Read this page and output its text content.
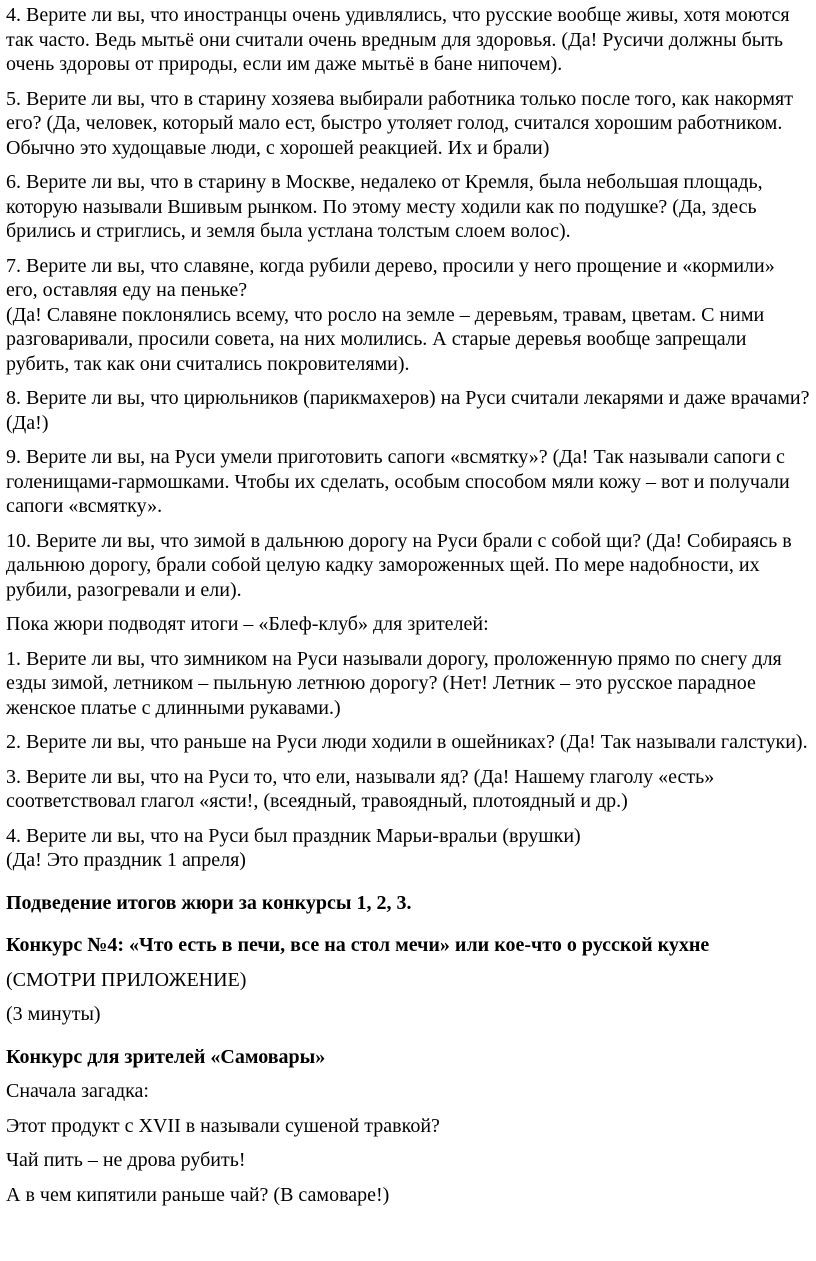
4. Верите ли вы, что иностранцы очень удивлялись, что русские вообще живы, хотя моются так часто. Ведь мытьё они считали очень вредным для здоровья. (Да! Русичи должны быть очень здоровы от природы, если им даже мытьё в бане нипочем).

5. Верите ли вы, что в старину хозяева выбирали работника только после того, как накормят его? (Да, человек, который мало ест, быстро утоляет голод, считался хорошим работником. Обычно это худощавые люди, с хорошей реакцией. Их и брали)

6. Верите ли вы, что в старину в Москве, недалеко от Кремля, была небольшая площадь, которую называли Вшивым рынком. По этому месту ходили как по подушке? (Да, здесь брились и стриглись, и земля была устлана толстым слоем волос).

7. Верите ли вы, что славяне, когда рубили дерево, просили у него прощение и «кормили» его, оставляя еду на пеньке?
(Да! Славяне поклонялись всему, что росло на земле – деревьям, травам, цветам. С ними разговаривали, просили совета, на них молились. А старые деревья вообще запрещали рубить, так как они считались покровителями).

8. Верите ли вы, что цирюльников (парикмахеров) на Руси считали лекарями и даже врачами? (Да!)

9. Верите ли вы, на Руси умели приготовить сапоги «всмятку»? (Да! Так называли сапоги с голенищами-гармошками. Чтобы их сделать, особым способом мяли кожу – вот и получали сапоги «всмятку».

10. Верите ли вы, что зимой в дальнюю дорогу на Руси брали с собой щи? (Да! Собираясь в дальнюю дорогу, брали собой целую кадку замороженных щей. По мере надобности, их рубили, разогревали и ели).

Пока жюри подводят итоги – «Блеф-клуб» для зрителей:

1. Верите ли вы, что зимником на Руси называли дорогу, проложенную прямо по снегу для езды зимой, летником – пыльную летнюю дорогу? (Нет! Летник – это русское парадное женское платье с длинными рукавами.)

2. Верите ли вы, что раньше на Руси люди ходили в ошейниках? (Да! Так называли галстуки).

3. Верите ли вы, что на Руси то, что ели, называли яд? (Да! Нашему глаголу «есть» соответствовал глагол «ясти!, (всеядный, травоядный, плотоядный и др.)

4. Верите ли вы, что на Руси был праздник Марьи-вральи (врушки)
(Да! Это праздник 1 апреля)

Подведение итогов жюри за конкурсы 1, 2, 3.

Конкурс №4: «Что есть в печи, все на стол мечи» или кое-что о русской кухне

(СМОТРИ ПРИЛОЖЕНИЕ)

(3 минуты)

Конкурс для зрителей «Самовары»

Сначала загадка:

Этот продукт с XVII в называли сушеной травкой?

Чай пить – не дрова рубить!

А в чем кипятили раньше чай? (В самоваре!)
